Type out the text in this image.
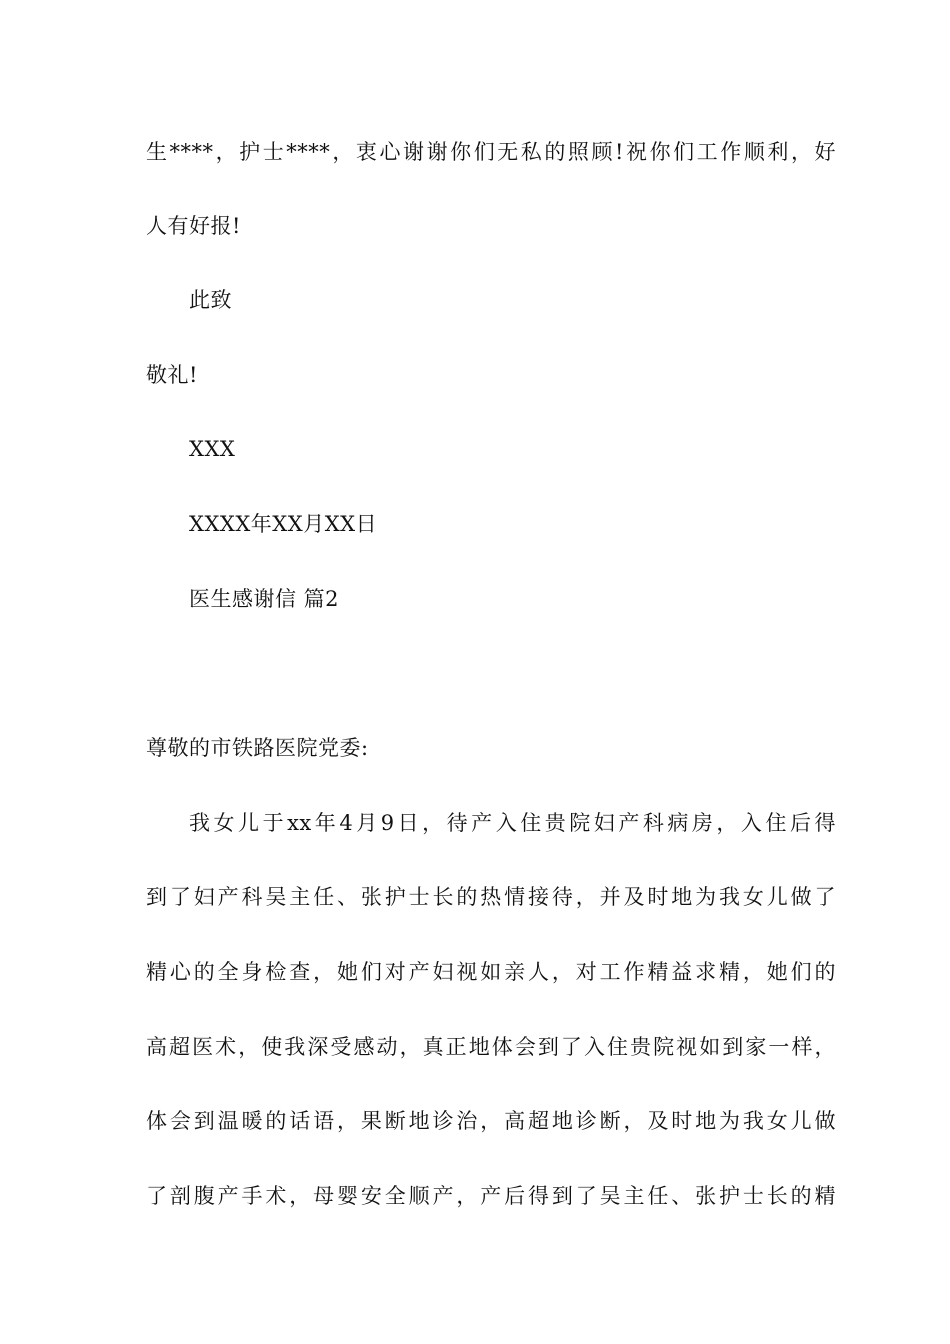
生****，护士****，衷心谢谢你们无私的照顾!祝你们工作顺利，好
人有好报!
此致
敬礼!
XXX
XXXX年XX月XX日
医生感谢信 篇2
尊敬的市铁路医院党委:
我女儿于xx年4月9日，待产入住贵院妇产科病房，入住后得
到了妇产科吴主任、张护士长的热情接待，并及时地为我女儿做了
精心的全身检查，她们对产妇视如亲人，对工作精益求精，她们的
高超医术，使我深受感动，真正地体会到了入住贵院视如到家一样，
体会到温暖的话语，果断地诊治，高超地诊断，及时地为我女儿做
了剖腹产手术，母婴安全顺产，产后得到了吴主任、张护士长的精
